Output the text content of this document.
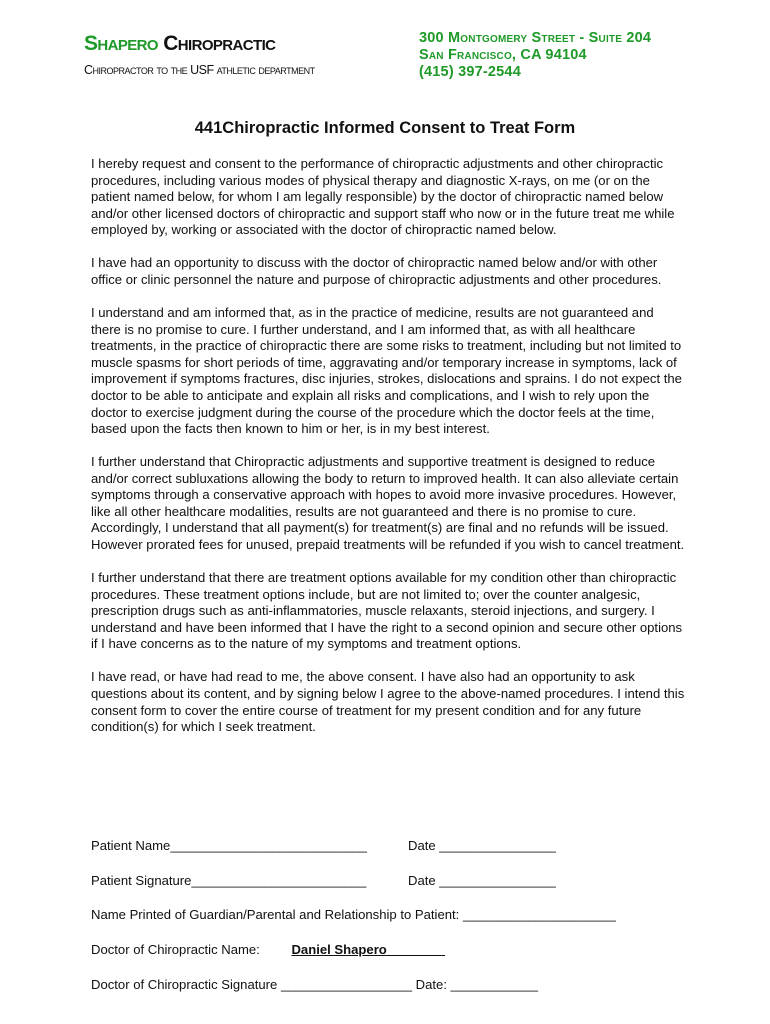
Shapero Chiropractic
Chiropractor to the USF athletic department
300 Montgomery Street - Suite 204
San Francisco, CA 94104
(415) 397-2544
441Chiropractic Informed Consent to Treat Form

I hereby request and consent to the performance of chiropractic adjustments and other chiropractic procedures, including various modes of physical therapy and diagnostic X-rays, on me (or on the patient named below, for whom I am legally responsible) by the doctor of chiropractic named below and/or other licensed doctors of chiropractic and support staff who now or in the future treat me while employed by, working or associated with the doctor of chiropractic named below.

I have had an opportunity to discuss with the doctor of chiropractic named below and/or with other office or clinic personnel the nature and purpose of chiropractic adjustments and other procedures.

I understand and am informed that, as in the practice of medicine, results are not guaranteed and there is no promise to cure. I further understand, and I am informed that, as with all healthcare treatments, in the practice of chiropractic there are some risks to treatment, including but not limited to muscle spasms for short periods of time, aggravating and/or temporary increase in symptoms, lack of improvement if symptoms fractures, disc injuries, strokes, dislocations and sprains. I do not expect the doctor to be able to anticipate and explain all risks and complications, and I wish to rely upon the doctor to exercise judgment during the course of the procedure which the doctor feels at the time, based upon the facts then known to him or her, is in my best interest.

I further understand that Chiropractic adjustments and supportive treatment is designed to reduce and/or correct subluxations allowing the body to return to improved health. It can also alleviate certain symptoms through a conservative approach with hopes to avoid more invasive procedures. However, like all other healthcare modalities, results are not guaranteed and there is no promise to cure. Accordingly, I understand that all payment(s) for treatment(s) are final and no refunds will be issued. However prorated fees for unused, prepaid treatments will be refunded if you wish to cancel treatment.

I further understand that there are treatment options available for my condition other than chiropractic procedures. These treatment options include, but are not limited to; over the counter analgesic, prescription drugs such as anti-inflammatories, muscle relaxants, steroid injections, and surgery. I understand and have been informed that I have the right to a second opinion and secure other options if I have concerns as to the nature of my symptoms and treatment options.

I have read, or have had read to me, the above consent. I have also had an opportunity to ask questions about its content, and by signing below I agree to the above-named procedures. I intend this consent form to cover the entire course of treatment for my present condition and for any future condition(s) for which I seek treatment.

Patient Name___________________________	Date ________________
Patient Signature________________________	Date ________________
Name Printed of Guardian/Parental and Relationship to Patient: _____________________
Doctor of Chiropractic Name: Daniel Shapero
Doctor of Chiropractic Signature __________________ Date: ____________
